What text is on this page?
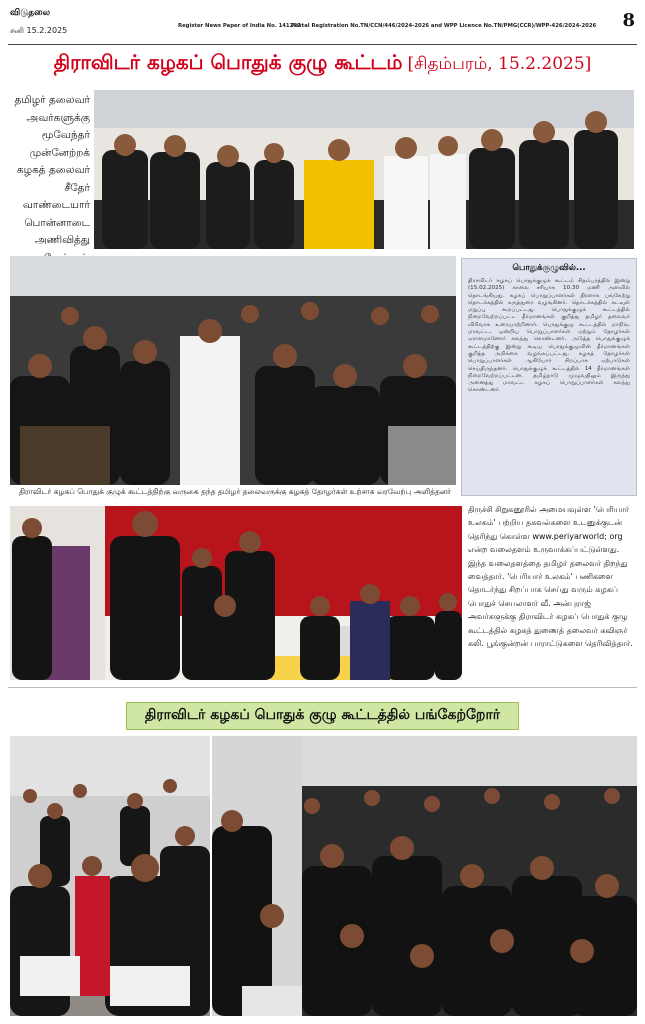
விடுதலை
சனி 15.2.2025	Register News Paper of India No. 141267
Postal Registration No.TN/CCN/446/2024-2026 and WPP Licence No.TN/PMG(CCR)/WPP-426/2024-2026 8
திராவிடர் கழகப் பொதுக் குழு கூட்டம் [சிதம்பரம், 15.2.2025]
தமிழர் தலைவர்
அவர்களுக்கு
மூவேந்தர்
முன்னேற்றக்
கழகத் தலைவர்
சீதேர்
வாண்டையார்
பொன்னாடை
அணிவித்து
திராவிடர் கழகப் பொதுக் குழுக் கூட்டத்திற்கு வருகை தந்த தமிழர் தலைவருக்கு கழகத் தோழர்கள் உற்சாக வரவேற்பு அளித்தனர்
பொதுக்குழுவில்...
திராவிடர் கழகப் பொதுக்குழுக் கூட்டம் சிதம்பரத்தில் இன்று (15.02.2025) காலை சரியாக 10.30 மணி அளவில் தொடங்கியது. கழகப் பொறுப்பாளர்கள் திரளாக பங்கேற்று தொடக்கத்தில் கருத்துரை வழங்கினர். தொடக்கத்தில் கடவுள் மறுப்பு கூறப்பட்டது. பொதுக்குழுக் கூட்டத்தில் நிறைவேற்றப்பட்ட தீர்மானங்கள் குறித்து தமிழர் தலைவர் விரிவாக உரையாற்றினார். பொதுக்குழு கூட்டத்தில் மாநில, மாவட்ட, ஒன்றிய பொறுப்பாளர்கள் மற்றும் தோழர்கள் ஏராளமானோர் கலந்து கொண்டனர். அடுத்த பொதுக்குழுக் கூட்டத்திற்கு இன்று கூடிய பொதுக்குழுவின் தீர்மானங்கள் குறித்த அறிக்கை வழங்கப்பட்டது. கழகத் தோழர்கள் பொறுப்பாளர்கள் ஆகியோர் சிறப்பாக ஏற்பாடுகள் செய்திருந்தனர். பொதுக்குழுக் கூட்டத்தில் 14 தீர்மானங்கள் நிறைவேற்றப்பட்டன. தமிழ்நாடு முழுவதிலும் இருந்து அனைத்து மாவட்ட கழகப் பொறுப்பாளர்கள் கலந்து கொண்டனர்.
திருச்சி சிறுகனூரில் அமையவுள்ள 'பெரியார் உலகம்' பற்றிய தகவல்களை உடனுக்குடன் தெரிந்து கொள்ள www.periyarworld; org என்ற வலைதளம் உருவாக்கப்பட்டுள்ளது. இந்த வலைதளத்தை தமிழர் தலைவர் திறந்து வைத்தார். 'பெரியார் உலகம்' பணிகளை தொடர்ந்து சிறப்பாக செய்து வரும் கழகப் பொதுச் செயலாளர் வீ. அன்புராஜ் அவர்களுக்கு திராவிடர் கழகப் பொதுக் குழு கூட்டத்தில் கழகத் துணைத் தலைவர் கவிஞர் கலி. பூங்குன்றன் பாராட்டுகளை தெரிவித்தார்.
திராவிடர் கழகப் பொதுக் குழு கூட்டத்தில் பங்கேற்றோர்
